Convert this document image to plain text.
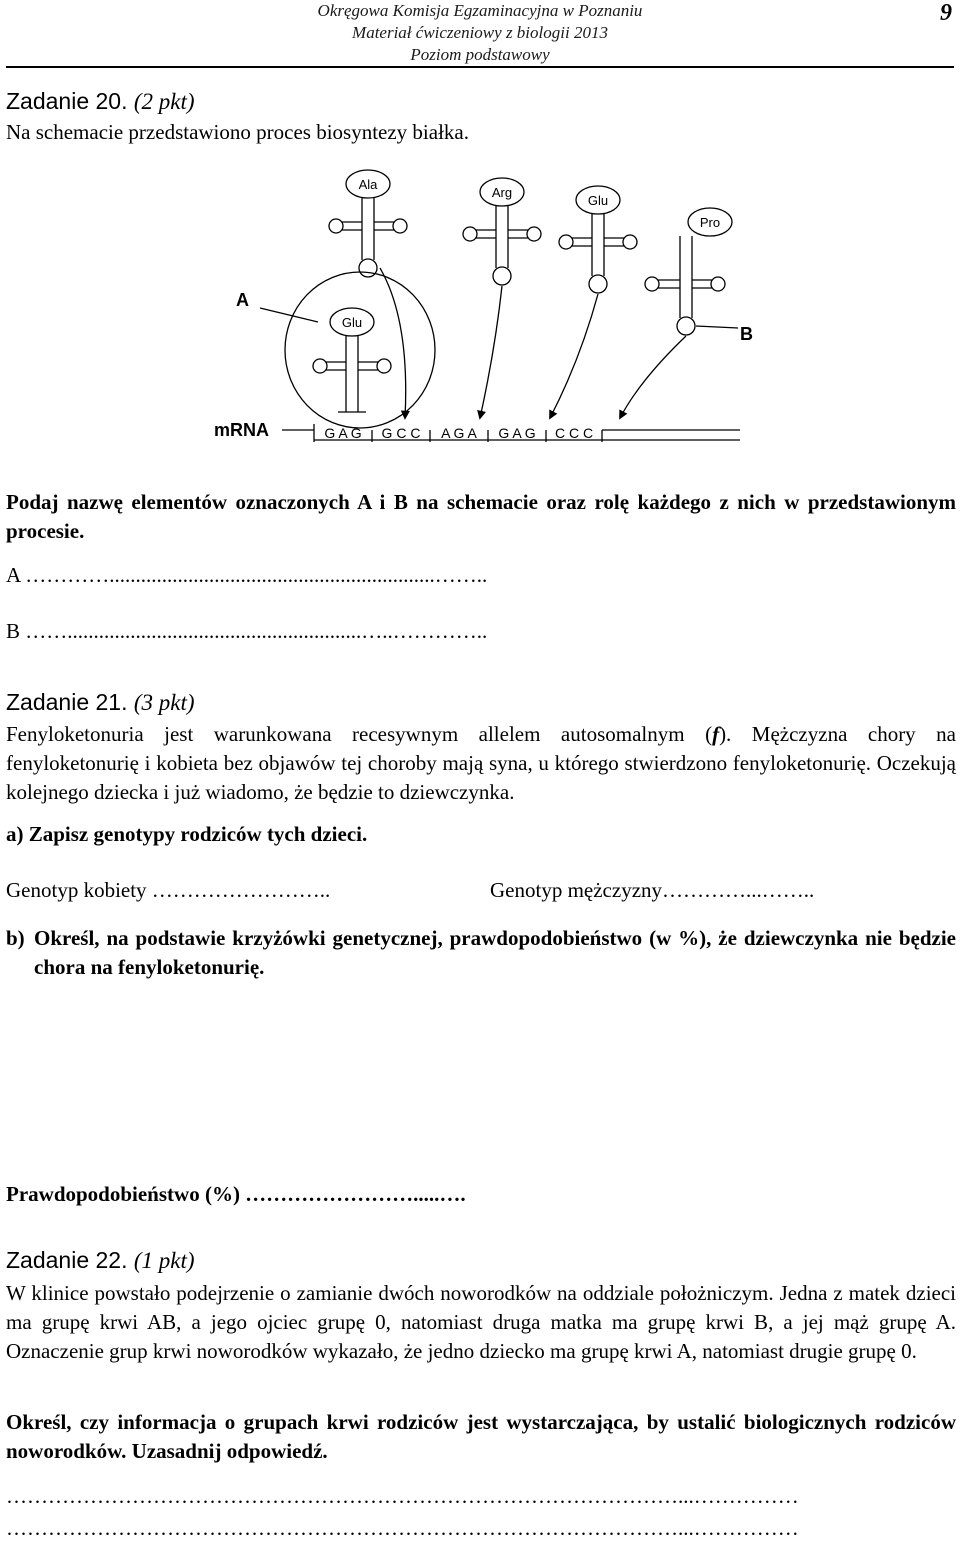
Okręgowa Komisja Egzaminacyjna w Poznaniu
Materiał ćwiczeniowy z biologii 2013
Poziom podstawowy
9
Zadanie 20. (2 pkt)
Na schemacie przedstawiono proces biosyntezy białka.
Ala
Arg
Glu
Pro
Glu
A
B
mRNA	G A G G C C A G A G A G C C C
Podaj nazwę elementów oznaczonych A i B na schemacie oraz rolę każdego z nich w przedstawionym procesie.
A …………..............................................................……..
B ……........................................................…..…………..
Zadanie 21. (3 pkt)
Fenyloketonuria jest warunkowana recesywnym allelem autosomalnym (f). Mężczyzna chory na fenyloketonurię i kobieta bez objawów tej choroby mają syna, u którego stwierdzono fenyloketonurię. Oczekują kolejnego dziecka i już wiadomo, że będzie to dziewczynka.
a) Zapisz genotypy rodziców tych dzieci.
Genotyp kobiety ……………………..	Genotyp mężczyzny…………...……..
b) Określ, na podstawie krzyżówki genetycznej, prawdopodobieństwo (w %), że dziewczynka nie będzie chora na fenyloketonurię.
Prawdopodobieństwo (%) …………………….....….
Zadanie 22. (1 pkt)
W klinice powstało podejrzenie o zamianie dwóch noworodków na oddziale położniczym. Jedna z matek dzieci ma grupę krwi AB, a jego ojciec grupę 0, natomiast druga matka ma grupę krwi B, a jej mąż grupę A. Oznaczenie grup krwi noworodków wykazało, że jedno dziecko ma grupę krwi A, natomiast drugie grupę 0.
Określ, czy informacja o grupach krwi rodziców jest wystarczająca, by ustalić biologicznych rodziców noworodków. Uzasadnij odpowiedź.
……………………………………………………………………………………...……………
……………………………………………………………………………………...……………
